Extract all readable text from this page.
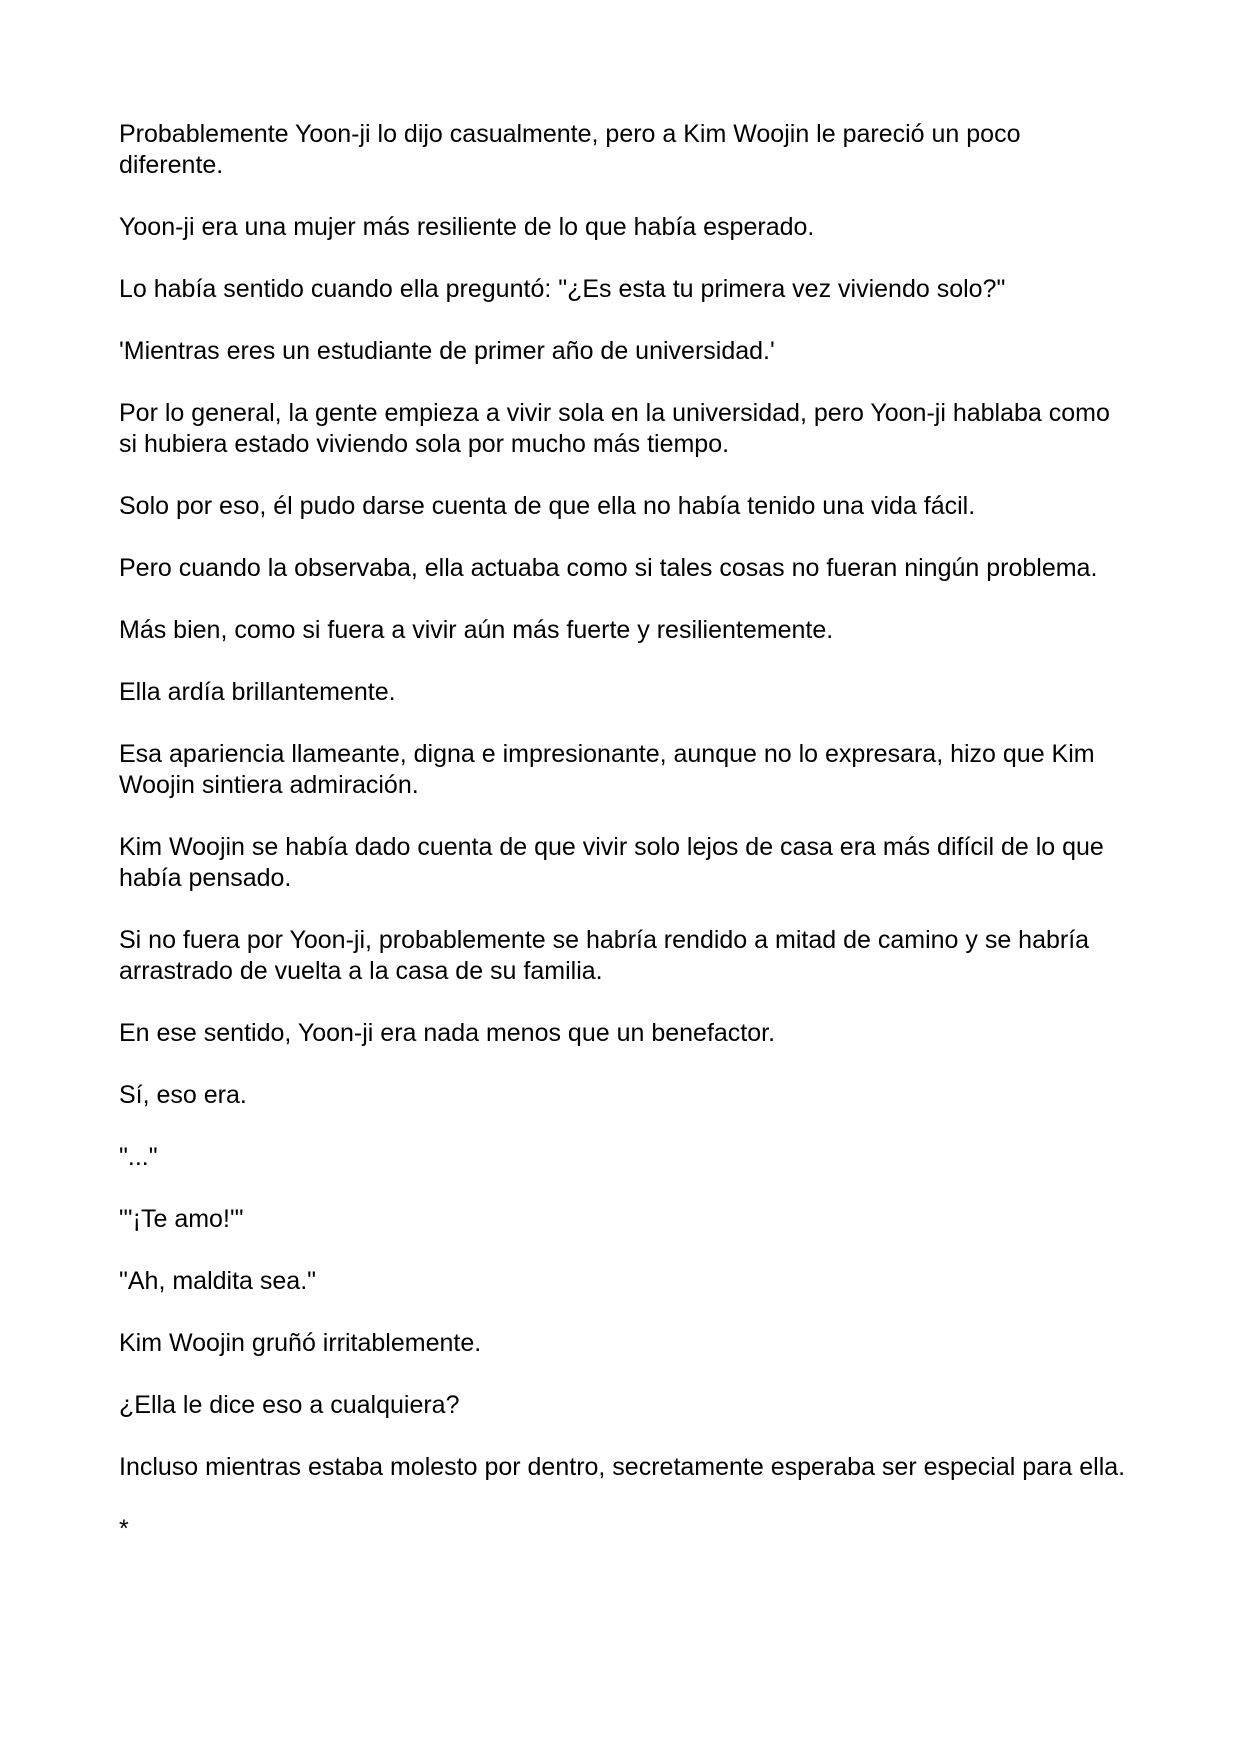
Probablemente Yoon-ji lo dijo casualmente, pero a Kim Woojin le pareció un poco diferente.

Yoon-ji era una mujer más resiliente de lo que había esperado.

Lo había sentido cuando ella preguntó: "¿Es esta tu primera vez viviendo solo?"

'Mientras eres un estudiante de primer año de universidad.'

Por lo general, la gente empieza a vivir sola en la universidad, pero Yoon-ji hablaba como si hubiera estado viviendo sola por mucho más tiempo.

Solo por eso, él pudo darse cuenta de que ella no había tenido una vida fácil.

Pero cuando la observaba, ella actuaba como si tales cosas no fueran ningún problema.

Más bien, como si fuera a vivir aún más fuerte y resilientemente.

Ella ardía brillantemente.

Esa apariencia llameante, digna e impresionante, aunque no lo expresara, hizo que Kim Woojin sintiera admiración.

Kim Woojin se había dado cuenta de que vivir solo lejos de casa era más difícil de lo que había pensado.

Si no fuera por Yoon-ji, probablemente se habría rendido a mitad de camino y se habría arrastrado de vuelta a la casa de su familia.

En ese sentido, Yoon-ji era nada menos que un benefactor.

Sí, eso era.

"..."

"'¡Te amo!'"

"Ah, maldita sea."

Kim Woojin gruñó irritablemente.

¿Ella le dice eso a cualquiera?

Incluso mientras estaba molesto por dentro, secretamente esperaba ser especial para ella.

*
